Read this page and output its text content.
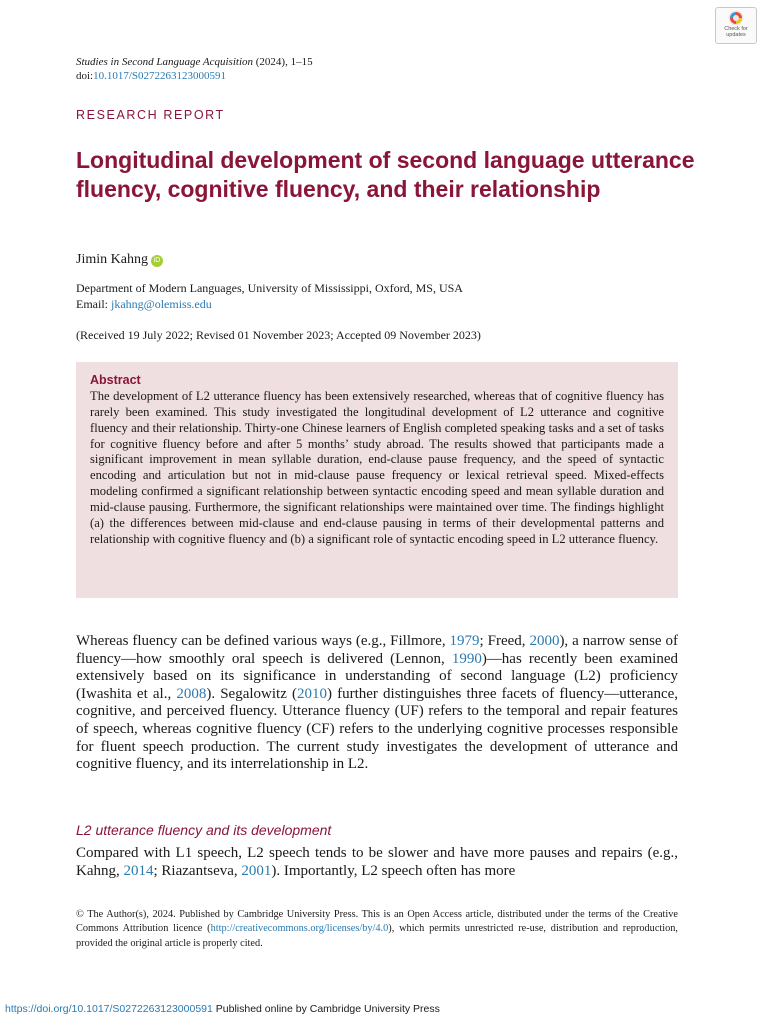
Check for updates
Studies in Second Language Acquisition (2024), 1–15
doi:10.1017/S0272263123000591
RESEARCH REPORT
Longitudinal development of second language utterance fluency, cognitive fluency, and their relationship
Jimin Kahng iD
Department of Modern Languages, University of Mississippi, Oxford, MS, USA
Email: jkahng@olemiss.edu
(Received 19 July 2022; Revised 01 November 2023; Accepted 09 November 2023)
Abstract

The development of L2 utterance fluency has been extensively researched, whereas that of cognitive fluency has rarely been examined. This study investigated the longitudinal development of L2 utterance and cognitive fluency and their relationship. Thirty-one Chinese learners of English completed speaking tasks and a set of tasks for cognitive fluency before and after 5 months’ study abroad. The results showed that participants made a significant improvement in mean syllable duration, end-clause pause frequency, and the speed of syntactic encoding and articulation but not in mid-clause pause frequency or lexical retrieval speed. Mixed-effects modeling confirmed a significant relationship between syntactic encoding speed and mean syllable duration and mid-clause pausing. Furthermore, the significant relationships were maintained over time. The findings highlight (a) the differences between mid-clause and end-clause pausing in terms of their developmental patterns and relationship with cognitive fluency and (b) a significant role of syntactic encoding speed in L2 utterance fluency.

Whereas fluency can be defined various ways (e.g., Fillmore, 1979; Freed, 2000), a narrow sense of fluency—how smoothly oral speech is delivered (Lennon, 1990)—has recently been examined extensively based on its significance in understanding of second language (L2) proficiency (Iwashita et al., 2008). Segalowitz (2010) further distinguishes three facets of fluency—utterance, cognitive, and perceived fluency. Utterance fluency (UF) refers to the temporal and repair features of speech, whereas cognitive fluency (CF) refers to the underlying cognitive processes responsible for fluent speech production. The current study investigates the development of utterance and cognitive fluency, and its interrelationship in L2.

L2 utterance fluency and its development

Compared with L1 speech, L2 speech tends to be slower and have more pauses and repairs (e.g., Kahng, 2014; Riazantseva, 2001). Importantly, L2 speech often has more

© The Author(s), 2024. Published by Cambridge University Press. This is an Open Access article, distributed under the terms of the Creative Commons Attribution licence (http://creativecommons.org/licenses/by/4.0), which permits unrestricted re-use, distribution and reproduction, provided the original article is properly cited.

https://doi.org/10.1017/S0272263123000591 Published online by Cambridge University Press
